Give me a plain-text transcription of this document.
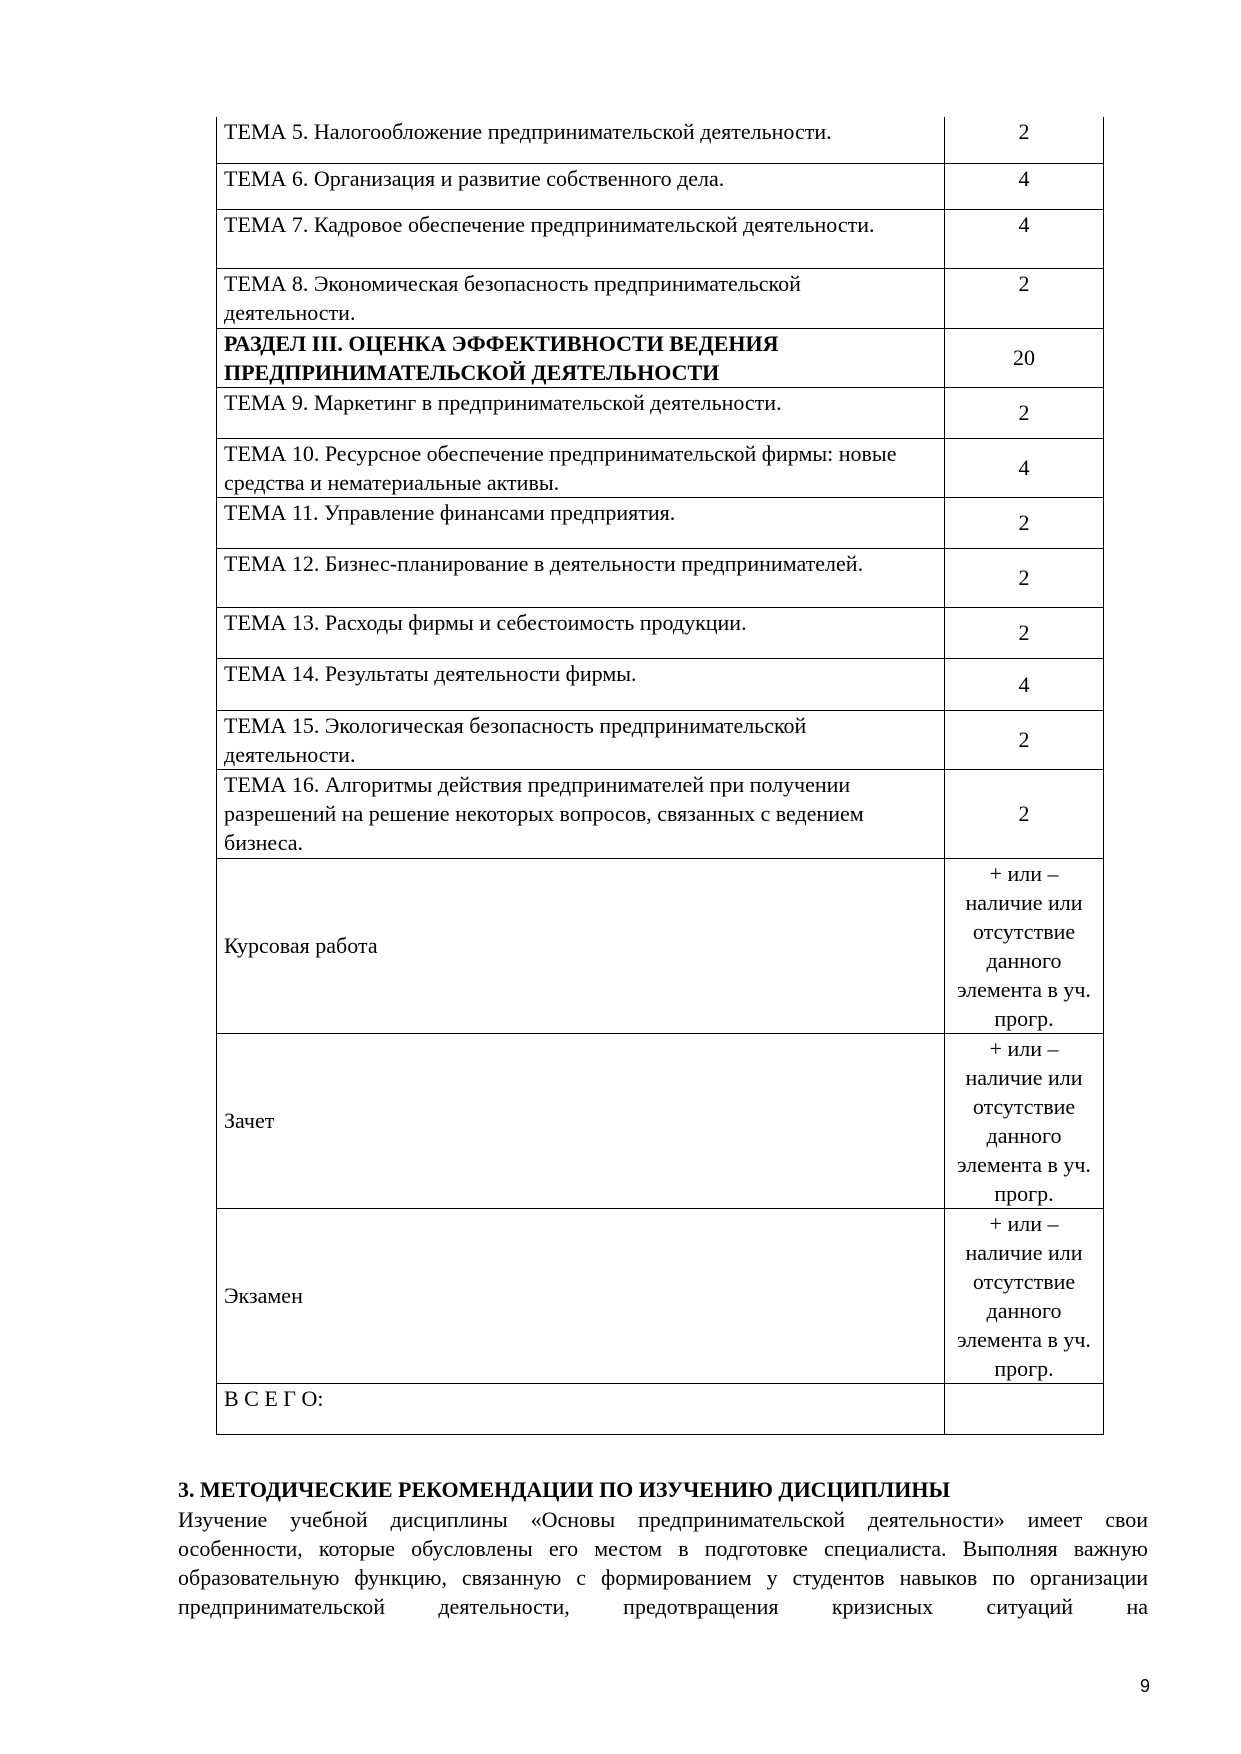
ТЕМА 5. Налогообложение предпринимательской деятельности.	2
ТЕМА 6. Организация и развитие собственного дела.	4
ТЕМА 7. Кадровое обеспечение предпринимательской деятельности.	4
ТЕМА 8. Экономическая безопасность предпринимательской деятельности.	2
РАЗДЕЛ III. ОЦЕНКА ЭФФЕКТИВНОСТИ ВЕДЕНИЯ ПРЕДПРИНИМАТЕЛЬСКОЙ ДЕЯТЕЛЬНОСТИ	20
ТЕМА 9. Маркетинг в предпринимательской деятельности.	2
ТЕМА 10. Ресурсное обеспечение предпринимательской фирмы: новые средства и нематериальные активы.	4
ТЕМА 11. Управление финансами предприятия.	2
ТЕМА 12. Бизнес-планирование в деятельности предпринимателей.	2
ТЕМА 13. Расходы фирмы и себестоимость продукции.	2
ТЕМА 14. Результаты деятельности фирмы.	4
ТЕМА 15. Экологическая безопасность предпринимательской деятельности.	2
ТЕМА 16. Алгоритмы действия предпринимателей при получении разрешений на решение некоторых вопросов, связанных с ведением бизнеса.	2
Курсовая работа	+ или – наличие или отсутствие данного элемента в уч. прогр.
Зачет	+ или – наличие или отсутствие данного элемента в уч. прогр.
Экзамен	+ или – наличие или отсутствие данного элемента в уч. прогр.
В С Е Г О:	
3. МЕТОДИЧЕСКИЕ РЕКОМЕНДАЦИИ ПО ИЗУЧЕНИЮ ДИСЦИПЛИНЫ

Изучение учебной дисциплины «Основы предпринимательской деятельности» имеет свои особенности, которые обусловлены его местом в подготовке специалиста. Выполняя важную образовательную функцию, связанную с формированием у студентов навыков по организации предпринимательской деятельности, предотвращения кризисных ситуаций на

9
